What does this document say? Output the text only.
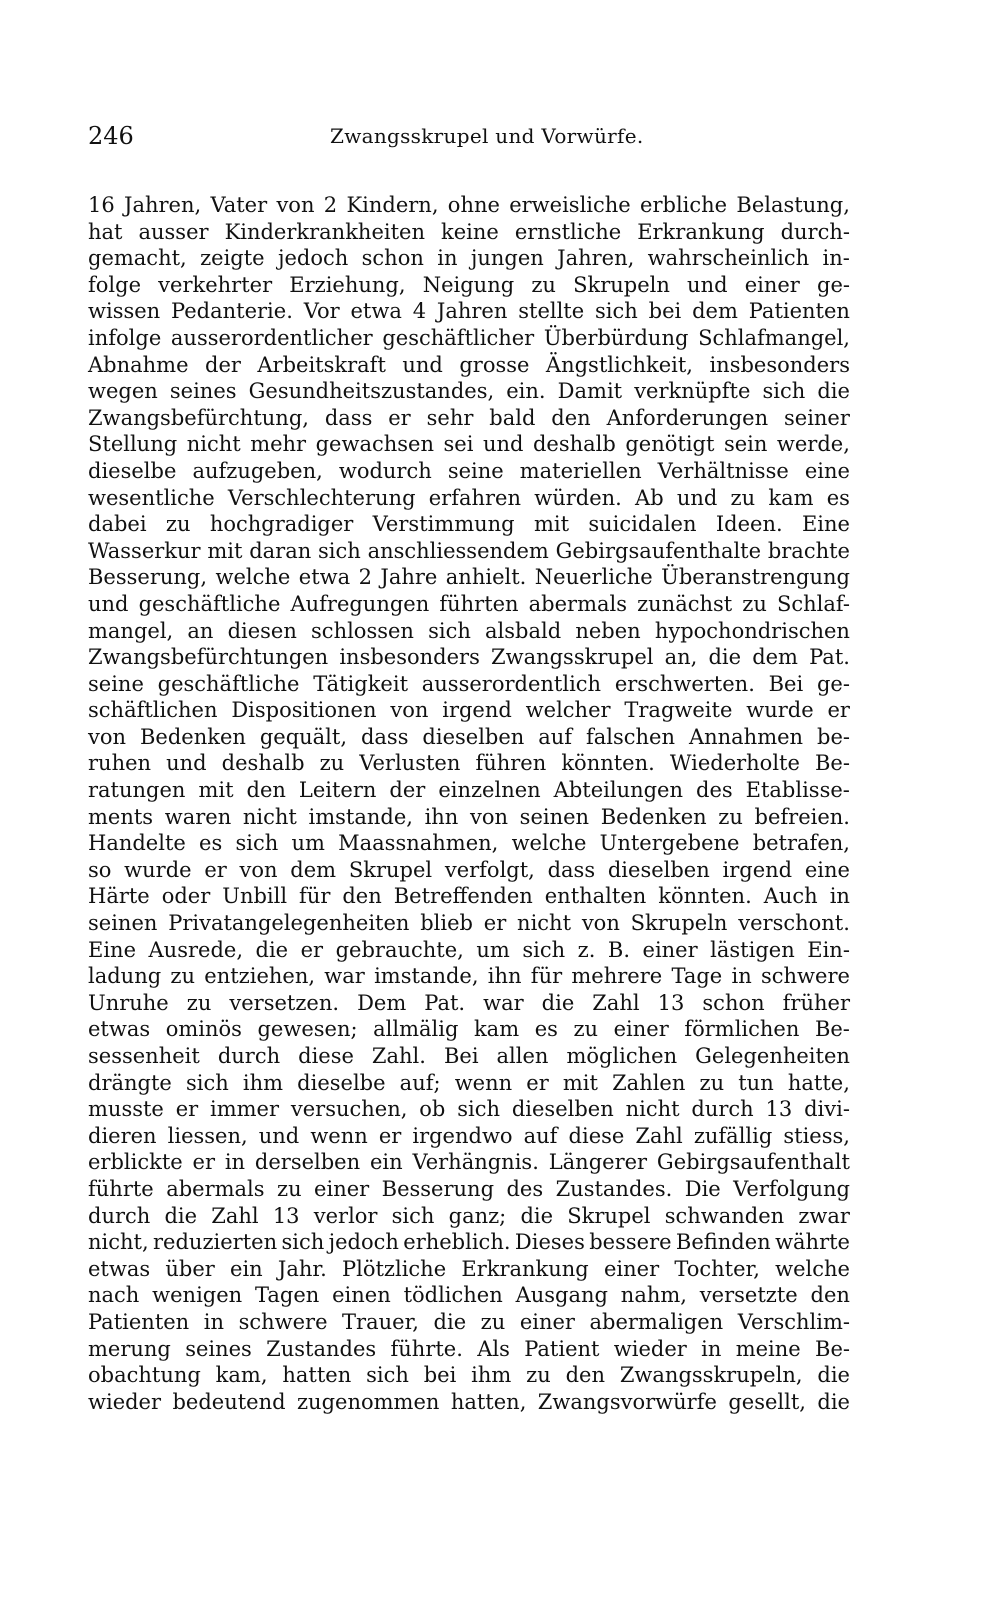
246	Zwangsskrupel und Vorwürfe.
16 Jahren, Vater von 2 Kindern, ohne erweisliche erbliche Belastung,
hat ausser Kinderkrankheiten keine ernstliche Erkrankung durch-
gemacht, zeigte jedoch schon in jungen Jahren, wahrscheinlich in-
folge verkehrter Erziehung, Neigung zu Skrupeln und einer ge-
wissen Pedanterie. Vor etwa 4 Jahren stellte sich bei dem Patienten
infolge ausserordentlicher geschäftlicher Überbürdung Schlafmangel,
Abnahme der Arbeitskraft und grosse Ängstlichkeit, insbesonders
wegen seines Gesundheitszustandes, ein. Damit verknüpfte sich die
Zwangsbefürchtung, dass er sehr bald den Anforderungen seiner
Stellung nicht mehr gewachsen sei und deshalb genötigt sein werde,
dieselbe aufzugeben, wodurch seine materiellen Verhältnisse eine
wesentliche Verschlechterung erfahren würden. Ab und zu kam es
dabei zu hochgradiger Verstimmung mit suicidalen Ideen. Eine
Wasserkur mit daran sich anschliessendem Gebirgsaufenthalte brachte
Besserung, welche etwa 2 Jahre anhielt. Neuerliche Überanstrengung
und geschäftliche Aufregungen führten abermals zunächst zu Schlaf-
mangel, an diesen schlossen sich alsbald neben hypochondrischen
Zwangsbefürchtungen insbesonders Zwangsskrupel an, die dem Pat.
seine geschäftliche Tätigkeit ausserordentlich erschwerten. Bei ge-
schäftlichen Dispositionen von irgend welcher Tragweite wurde er
von Bedenken gequält, dass dieselben auf falschen Annahmen be-
ruhen und deshalb zu Verlusten führen könnten. Wiederholte Be-
ratungen mit den Leitern der einzelnen Abteilungen des Etablisse-
ments waren nicht imstande, ihn von seinen Bedenken zu befreien.
Handelte es sich um Maassnahmen, welche Untergebene betrafen,
so wurde er von dem Skrupel verfolgt, dass dieselben irgend eine
Härte oder Unbill für den Betreffenden enthalten könnten. Auch in
seinen Privatangelegenheiten blieb er nicht von Skrupeln verschont.
Eine Ausrede, die er gebrauchte, um sich z. B. einer lästigen Ein-
ladung zu entziehen, war imstande, ihn für mehrere Tage in schwere
Unruhe zu versetzen. Dem Pat. war die Zahl 13 schon früher
etwas ominös gewesen; allmälig kam es zu einer förmlichen Be-
sessenheit durch diese Zahl. Bei allen möglichen Gelegenheiten
drängte sich ihm dieselbe auf; wenn er mit Zahlen zu tun hatte,
musste er immer versuchen, ob sich dieselben nicht durch 13 divi-
dieren liessen, und wenn er irgendwo auf diese Zahl zufällig stiess,
erblickte er in derselben ein Verhängnis. Längerer Gebirgsaufenthalt
führte abermals zu einer Besserung des Zustandes. Die Verfolgung
durch die Zahl 13 verlor sich ganz; die Skrupel schwanden zwar
nicht, reduzierten sich jedoch erheblich. Dieses bessere Befinden währte
etwas über ein Jahr. Plötzliche Erkrankung einer Tochter, welche
nach wenigen Tagen einen tödlichen Ausgang nahm, versetzte den
Patienten in schwere Trauer, die zu einer abermaligen Verschlim-
merung seines Zustandes führte. Als Patient wieder in meine Be-
obachtung kam, hatten sich bei ihm zu den Zwangsskrupeln, die
wieder bedeutend zugenommen hatten, Zwangsvorwürfe gesellt, die
